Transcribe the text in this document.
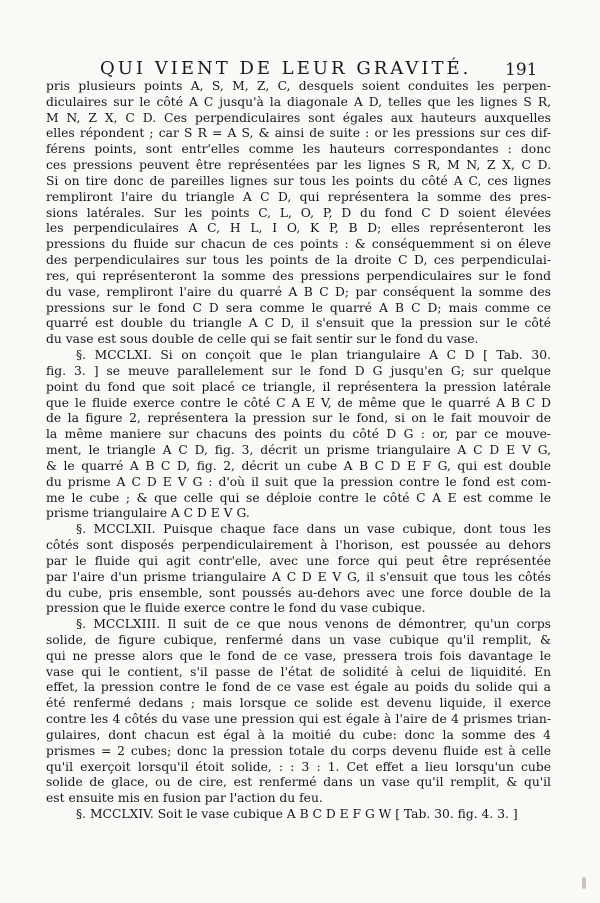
QUI VIENT DE LEUR GRAVITÉ. 191
pris plusieurs points A, S, M, Z, C, desquels soient conduites les perpen-
diculaires sur le côté A C jusqu'à la diagonale A D, telles que les lignes S R,
M N, Z X, C D. Ces perpendiculaires sont égales aux hauteurs auxquelles
elles répondent ; car S R = A S, & ainsi de suite : or les pressions sur ces dif-
férens points, sont entr'elles comme les hauteurs correspondantes : donc
ces pressions peuvent être représentées par les lignes S R, M N, Z X, C D.
Si on tire donc de pareilles lignes sur tous les points du côté A C, ces lignes
rempliront l'aire du triangle A C D, qui représentera la somme des pres-
sions latérales. Sur les points C, L, O, P, D du fond C D soient élevées
les perpendiculaires A C, H L, I O, K P, B D; elles représenteront les
pressions du fluide sur chacun de ces points : & conséquemment si on éleve
des perpendiculaires sur tous les points de la droite C D, ces perpendiculai-
res, qui représenteront la somme des pressions perpendiculaires sur le fond
du vase, rempliront l'aire du quarré A B C D; par conséquent la somme des
pressions sur le fond C D sera comme le quarré A B C D; mais comme ce
quarré est double du triangle A C D, il s'ensuit que la pression sur le côté
du vase est sous double de celle qui se fait sentir sur le fond du vase.
§. MCCLXI. Si on conçoit que le plan triangulaire A C D [ Tab. 30.
fig. 3. ] se meuve parallelement sur le fond D G jusqu'en G; sur quelque
point du fond que soit placé ce triangle, il représentera la pression latérale
que le fluide exerce contre le côté C A E V, de même que le quarré A B C D
de la figure 2, représentera la pression sur le fond, si on le fait mouvoir de
la même maniere sur chacuns des points du côté D G : or, par ce mouve-
ment, le triangle A C D, fig. 3, décrit un prisme triangulaire A C D E V G,
& le quarré A B C D, fig. 2, décrit un cube A B C D E F G, qui est double
du prisme A C D E V G : d'où il suit que la pression contre le fond est com-
me le cube ; & que celle qui se déploie contre le côté C A E est comme le
prisme triangulaire A C D E V G.
§. MCCLXII. Puisque chaque face dans un vase cubique, dont tous les
côtés sont disposés perpendiculairement à l'horison, est poussée au dehors
par le fluide qui agit contr'elle, avec une force qui peut être représentée
par l'aire d'un prisme triangulaire A C D E V G, il s'ensuit que tous les côtés
du cube, pris ensemble, sont poussés au-dehors avec une force double de la
pression que le fluide exerce contre le fond du vase cubique.
§. MCCLXIII. Il suit de ce que nous venons de démontrer, qu'un corps
solide, de figure cubique, renfermé dans un vase cubique qu'il remplit, &
qui ne presse alors que le fond de ce vase, pressera trois fois davantage le
vase qui le contient, s'il passe de l'état de solidité à celui de liquidité. En
effet, la pression contre le fond de ce vase est égale au poids du solide qui a
été renfermé dedans ; mais lorsque ce solide est devenu liquide, il exerce
contre les 4 côtés du vase une pression qui est égale à l'aire de 4 prismes trian-
gulaires, dont chacun est égal à la moitié du cube: donc la somme des 4
prismes = 2 cubes; donc la pression totale du corps devenu fluide est à celle
qu'il exerçoit lorsqu'il étoit solide, : : 3 : 1. Cet effet a lieu lorsqu'un cube
solide de glace, ou de cire, est renfermé dans un vase qu'il remplit, & qu'il
est ensuite mis en fusion par l'action du feu.
§. MCCLXIV. Soit le vase cubique A B C D E F G W [ Tab. 30. fig. 4. 3. ]
